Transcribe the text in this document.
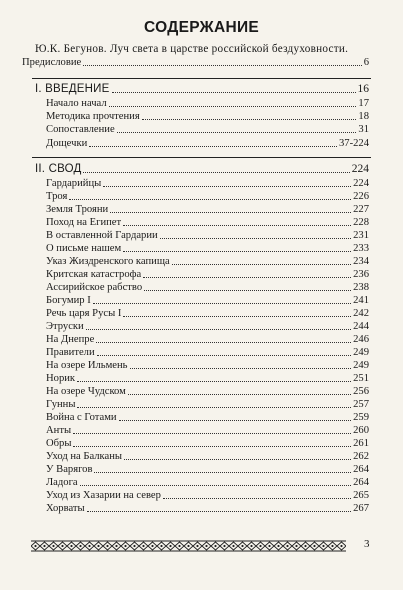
СОДЕРЖАНИЕ
Ю.К. Бегунов. Луч света в царстве российской бездуховности.
Предисловие	6
I. ВВЕДЕНИЕ	16
Начало начал	17
Методика прочтения	18
Сопоставление	31
Дощечки	37-224
II. СВОД	224
Гардарийцы	224
Троя	226
Земля Трояни	227
Поход на Египет	228
В оставленной Гардарии	231
О письме нашем	233
Указ Жиздренского капища	234
Критская катастрофа	236
Ассирийское рабство	238
Богумир I	241
Речь царя Русы I	242
Этруски	244
На Днепре	246
Правители	249
На озере Ильмень	249
Норик	251
На озере Чудском	256
Гунны	257
Война с Готами	259
Анты	260
Обры	261
Уход на Балканы	262
У Варягов	264
Ладога	264
Уход из Хазарии на север	265
Хорваты	267
3
